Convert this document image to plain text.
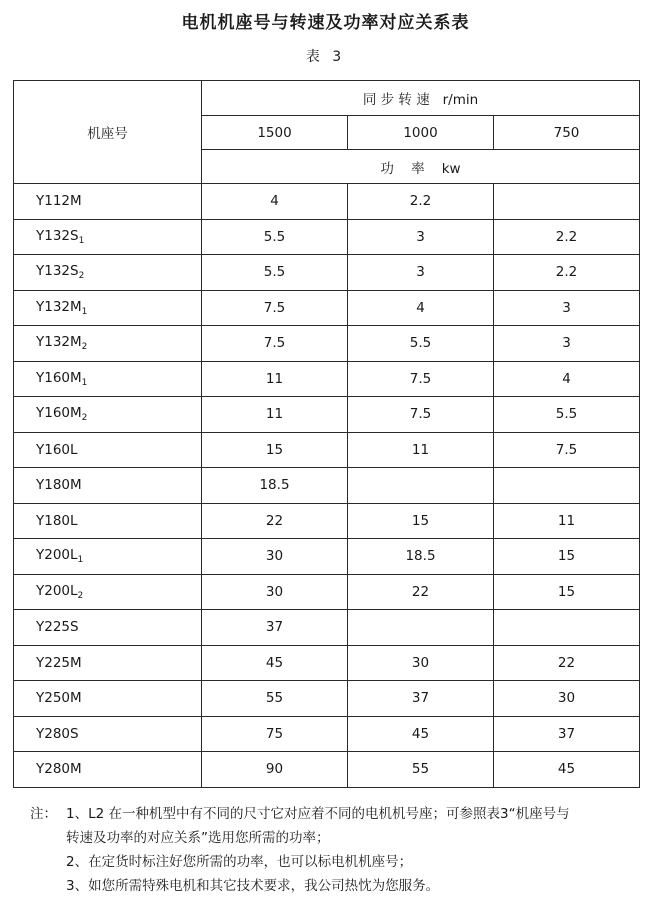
电机机座号与转速及功率对应关系表
表 3
机座号	同 步 转 速   r/min		
	1500	1000	750
	功    率    kw		
Y112M	4	2.2	
$Y132S_1$	5.5	3	2.2
$Y132S_2$	5.5	3	2.2
$Y132M_1$	7.5	4	3
$Y132M_2$	7.5	5.5	3
$Y160M_1$	11	7.5	4
$Y160M_2$	11	7.5	5.5
Y160L	15	11	7.5
Y180M	18.5		
Y180L	22	15	11
$Y200L_1$	30	18.5	15
$Y200L_2$	30	22	15
Y225S	37		
Y225M	45	30	22
Y250M	55	37	30
Y280S	75	45	37
Y280M	90	55	45
注： 1、L2 在一种机型中有不同的尺寸它对应着不同的电机机号座；可参照表3“机座号与
转速及功率的对应关系”选用您所需的功率；
2、在定货时标注好您所需的功率，也可以标电机机座号；
3、如您所需特殊电机和其它技术要求，我公司热忱为您服务。
